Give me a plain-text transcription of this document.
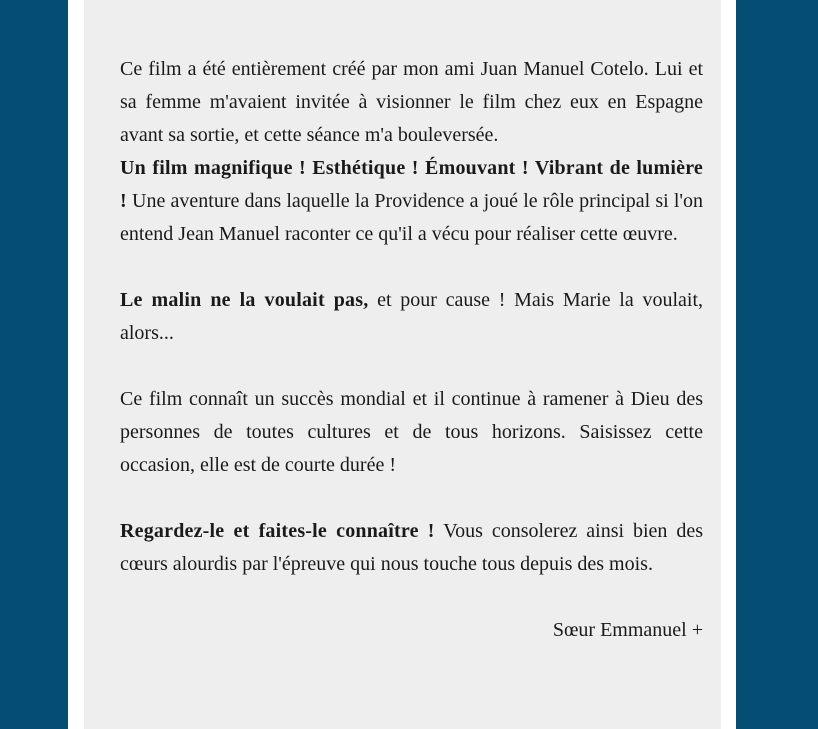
Ce film a été entièrement créé par mon ami Juan Manuel Cotelo. Lui et sa femme m'avaient invitée à visionner le film chez eux en Espagne avant sa sortie, et cette séance m'a bouleversée.

Un film magnifique ! Esthétique ! Émouvant ! Vibrant de lumière ! Une aventure dans laquelle la Providence a joué le rôle principal si l'on entend Jean Manuel raconter ce qu'il a vécu pour réaliser cette œuvre.

Le malin ne la voulait pas, et pour cause ! Mais Marie la voulait, alors...

Ce film connaît un succès mondial et il continue à ramener à Dieu des personnes de toutes cultures et de tous horizons. Saisissez cette occasion, elle est de courte durée !

Regardez-le et faites-le connaître ! Vous consolerez ainsi bien des cœurs alourdis par l'épreuve qui nous touche tous depuis des mois.

Sœur Emmanuel +
